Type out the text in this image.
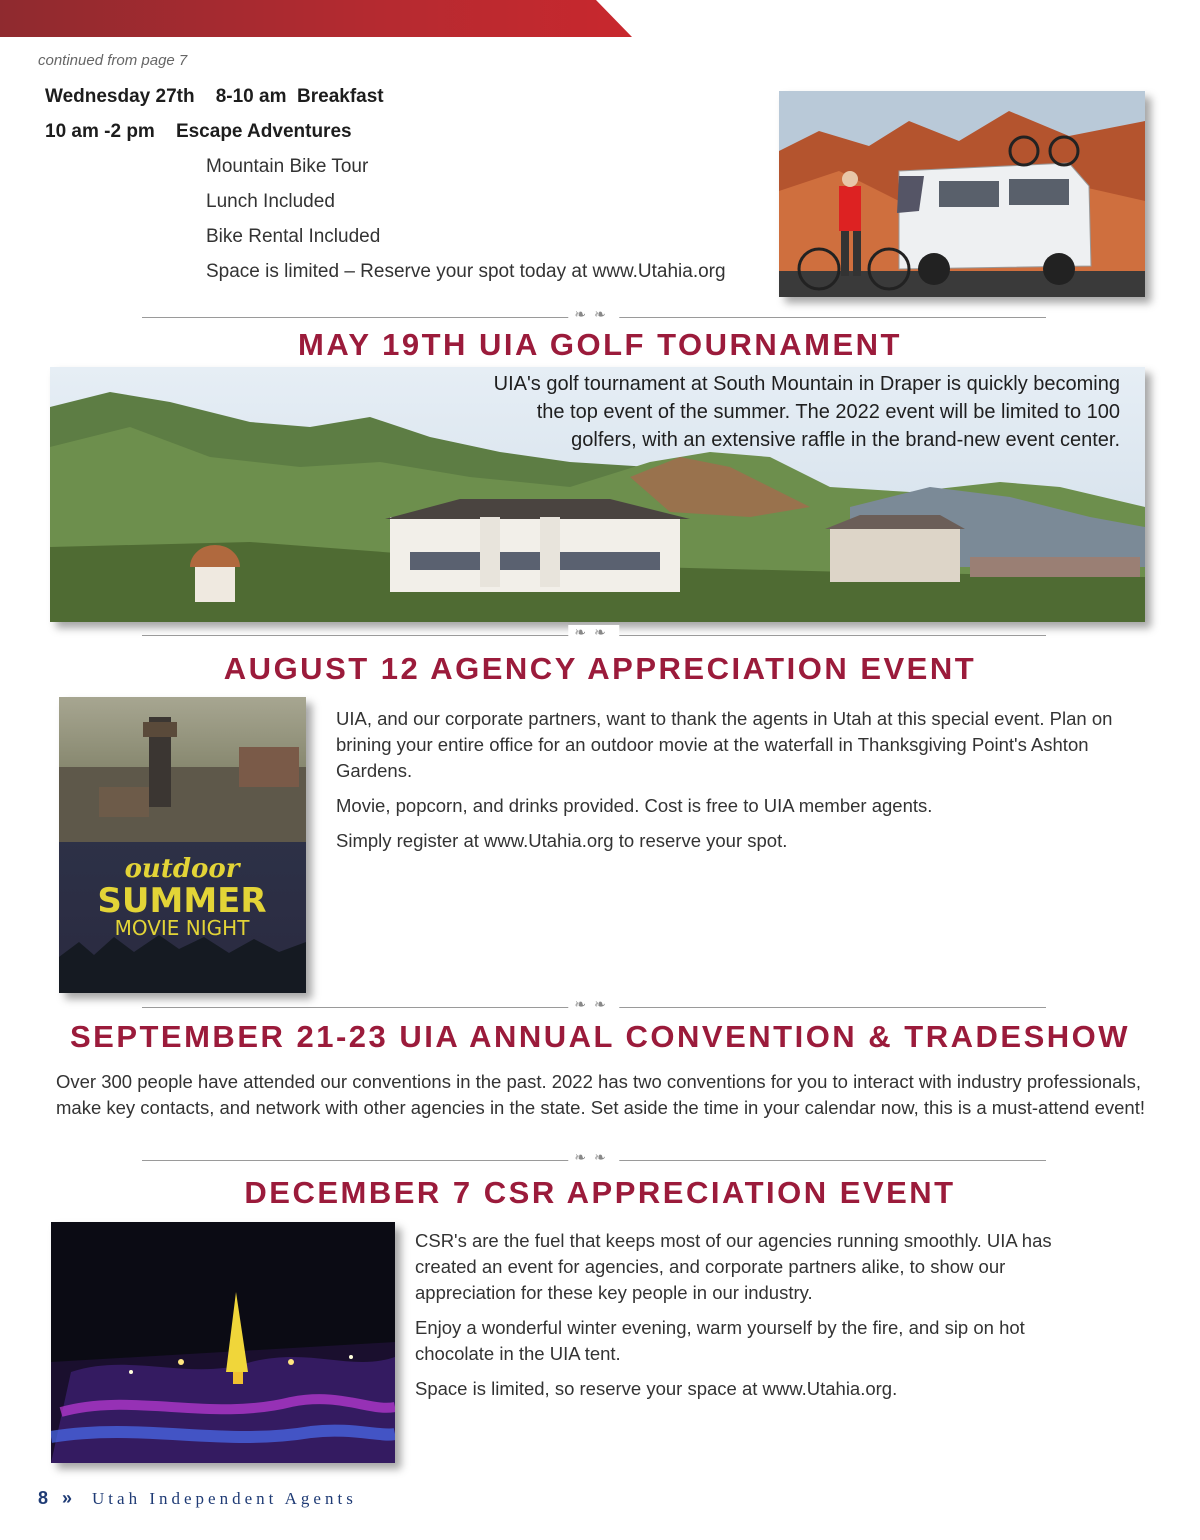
continued from page 7
Wednesday 27th    8-10 am  Breakfast
10 am -2 pm    Escape Adventures
Mountain Bike Tour
Lunch Included
Bike Rental Included
Space is limited – Reserve your spot today at www.Utahia.org
❧❧
MAY 19TH UIA GOLF TOURNAMENT
UIA's golf tournament at South Mountain in Draper is quickly becoming
the top event of the summer. The 2022 event will be limited to 100
golfers, with an extensive raffle in the brand-new event center.
❧❧
AUGUST 12 AGENCY APPRECIATION EVENT
outdoor
SUMMER
MOVIE NIGHT

UIA, and our corporate partners, want to thank the agents in Utah at this special event. Plan on brining your entire office for an outdoor movie at the waterfall in Thanksgiving Point's Ashton Gardens.

Movie, popcorn, and drinks provided. Cost is free to UIA member agents.

Simply register at www.Utahia.org to reserve your spot.

❧❧
SEPTEMBER 21-23 UIA ANNUAL CONVENTION & TRADESHOW
Over 300 people have attended our conventions in the past. 2022 has two conventions for you to interact with industry professionals, make key contacts, and network with other agencies in the state. Set aside the time in your calendar now, this is a must-attend event!
❧❧
DECEMBER 7 CSR APPRECIATION EVENT

CSR's are the fuel that keeps most of our agencies running smoothly. UIA has created an event for agencies, and corporate partners alike, to show our appreciation for these key people in our industry.

Enjoy a wonderful winter evening, warm yourself by the fire, and sip on hot chocolate in the UIA tent.

Space is limited, so reserve your space at www.Utahia.org.

8 » Utah Independent Agents
